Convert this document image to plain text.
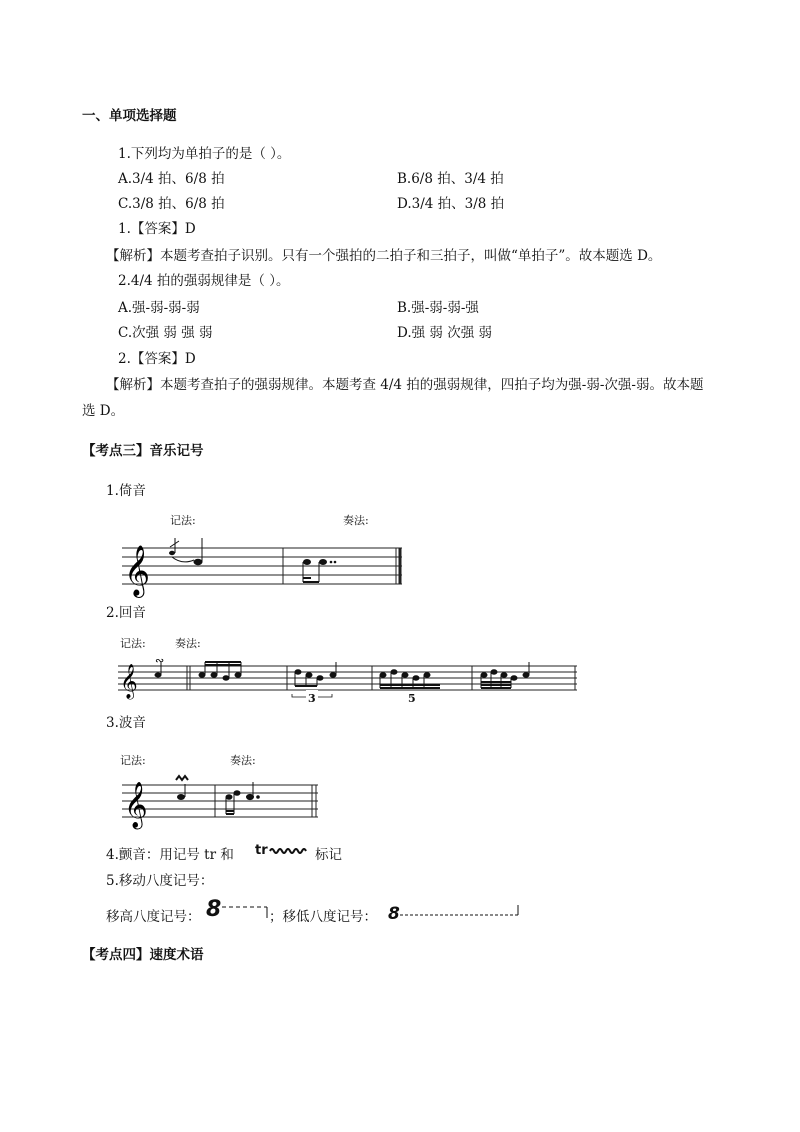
一、单项选择题
1.下列均为单拍子的是（ ）。
A.3/4 拍、6/8 拍	B.6/8 拍、3/4 拍
C.3/8 拍、6/8 拍	D.3/4 拍、3/8 拍
1.【答案】D
【解析】本题考查拍子识别。只有一个强拍的二拍子和三拍子，叫做“单拍子”。故本题选 D。
2.4/4 拍的强弱规律是（ ）。
A.强-弱-弱-弱	B.强-弱-弱-强
C.次强 弱 强 弱	D.强 弱 次强 弱
2.【答案】D
【解析】本题考查拍子的强弱规律。本题考查 4/4 拍的强弱规律，四拍子均为强-弱-次强-弱。故本题
选 D。
【考点三】音乐记号
1.倚音
记法:	奏法:
𝄞
2.回音
记法:	奏法:
𝄞
∾
3	5
3.波音
记法:	奏法:
𝄞
4.颤音：用记号 tr 和 tr	标记
5.移动八度记号：
移高八度记号： 8	；移低八度记号： 8
【考点四】速度术语
